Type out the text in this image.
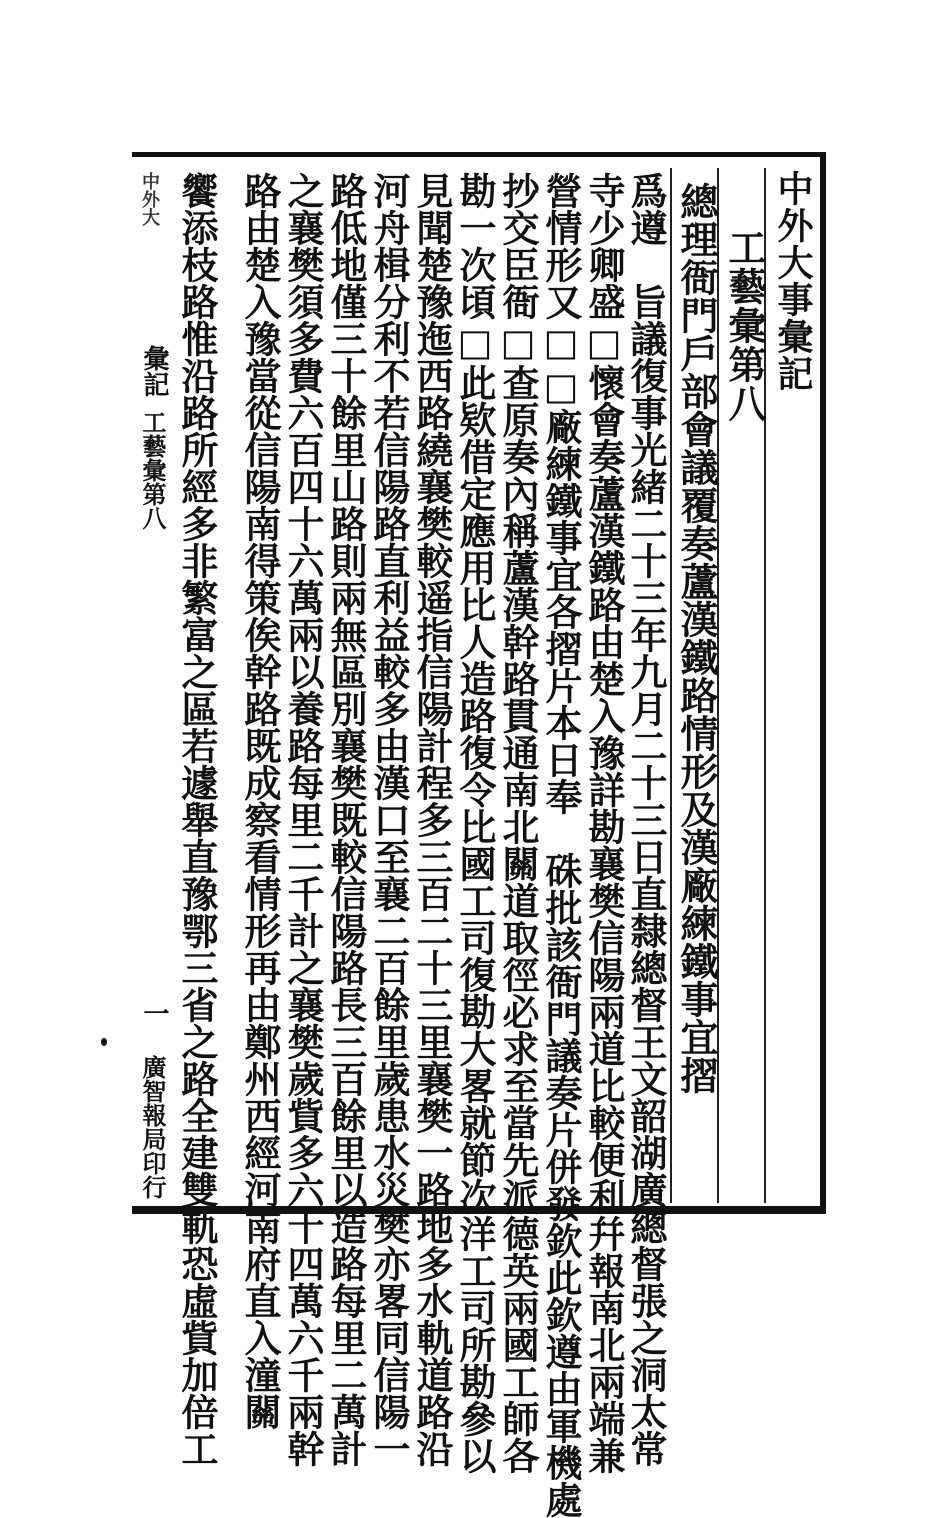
中外大事彙記
工藝彙第八
總理衙門戶部會議覆奏蘆漢鐵路情形及漢廠練鐵事宜摺
爲遵　旨議復事光緒二十三年九月二十三日直隸總督王文韶湖廣總督張之洞太常
寺少卿盛□懷會奏蘆漢鐵路由楚入豫詳勘襄樊信陽兩道比較便利幷報南北兩端兼
營情形又□□廠練鐵事宜各摺片本日奉　硃批該衙門議奏片併發欽此欽遵由軍機處
抄交臣衙□查原奏內稱蘆漢幹路貫通南北關道取徑必求至當先派德英兩國工師各
勘一次頃□此欵借定應用比人造路復令比國工司復勘大畧就節次洋工司所勘參以
見聞楚豫迤西路繞襄樊較遥指信陽計程多三百二十三里襄樊一路地多水軌道路沿
河舟楫分利不若信陽路直利益較多由漢口至襄二百餘里歲患水災樊亦畧同信陽一
路低地僅三十餘里山路則兩無區別襄樊既較信陽路長三百餘里以造路每里二萬計
之襄樊須多費六百四十六萬兩以養路每里二千計之襄樊歲貲多六十四萬六千兩幹
路由楚入豫當從信陽南得策俟幹路既成察看情形再由鄭州西經河南府直入潼關
饗添枝路惟沿路所經多非繁富之區若遽舉直豫鄂三省之路全建雙軌恐虛貲加倍工
中外大
彙記
工藝彙第八
一
廣智報局印行
